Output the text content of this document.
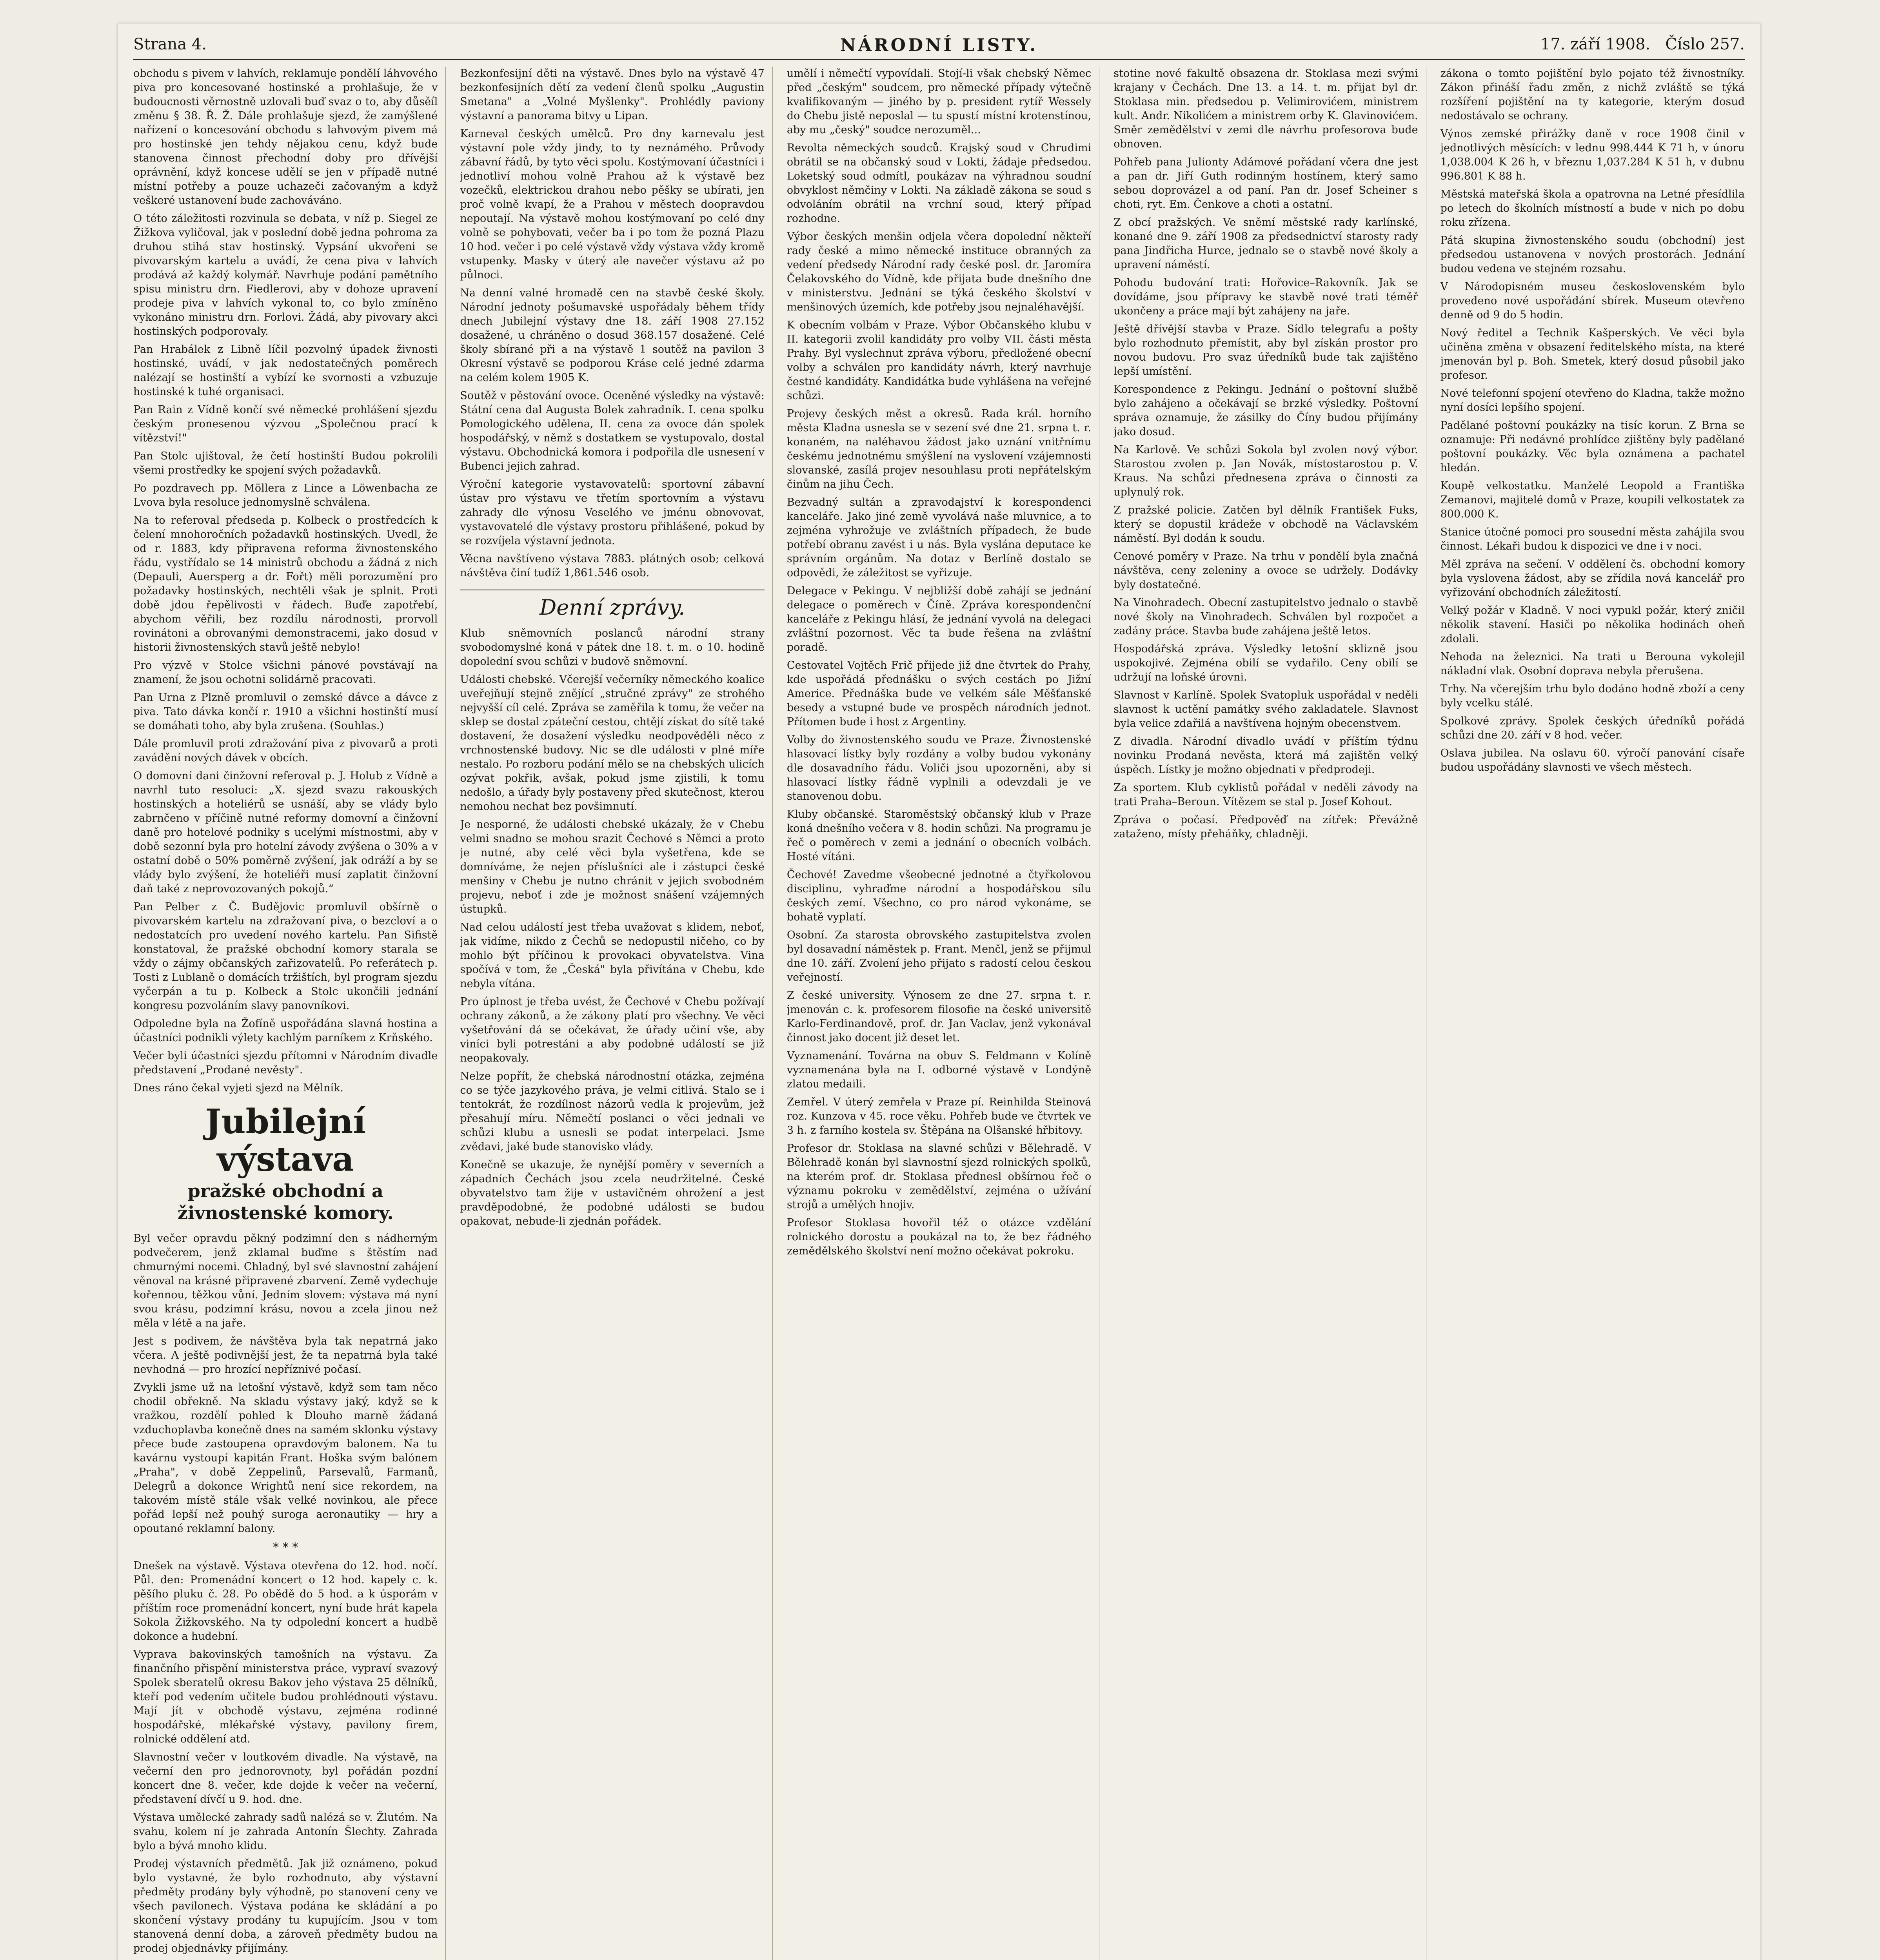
Strana 4.	NÁRODNÍ LISTY.	17. září 1908. Číslo 257.

obchodu s pivem v lahvích, reklamuje pondělí láhvového piva pro koncesované hostinské a prohlašuje, že v budoucnosti věrnostně uzlovali buď svaz o to, aby důsěíl změnu § 38. Ř. Ž. Dále prohlašuje sjezd, že zamýšlené nařízení o koncesování obchodu s lahvovým pivem má pro hostinské jen tehdy nějakou cenu, když bude stanovena činnost přechodní doby pro dřívější oprávnění, když koncese udělí se jen v případě nutné místní potřeby a pouze uchazeči začovaným a když veškeré ustanovení bude zachováváno.

O této záležitosti rozvinula se debata, v níž p. Siegel ze Žižkova vyličoval, jak v poslední době jedna pohroma za druhou stihá stav hostinský. Vypsání ukvořeni se pivovarským kartelu a uvádí, že cena piva v lahvích prodává až každý kolymář. Navrhuje podání pamětního spisu ministru drn. Fiedlerovi, aby v dohoze upravení prodeje piva v lahvích vykonal to, co bylo zmíněno vykonáno ministru drn. Forlovi. Žádá, aby pivovary akci hostinských podporovaly.

Pan Hrabálek z Libně líčil pozvolný úpadek živnosti hostinské, uvádí, v jak nedostatečných poměrech nalézají se hostinští a vybízí ke svornosti a vzbuzuje hostinské k tuhé organisaci.

Pan Rain z Vídně končí své německé prohlášení sjezdu českým pronesenou výzvou „Společnou prací k vítězství!"

Pan Stolc ujištoval, že četí hostinští Budou pokrolili všemi prostředky ke spojení svých požadavků.

Po pozdravech pp. Möllera z Lince a Löwenbacha ze Lvova byla resoluce jednomyslně schválena.

Na to referoval předseda p. Kolbeck o prostředcích k čelení mnohoročních požadavků hostinských. Uvedl, že od r. 1883, kdy připravena reforma živnostenského řádu, vystřídalo se 14 ministrů obchodu a žádná z nich (Depauli, Auersperg a dr. Fořt) měli porozumění pro požadavky hostinských, nechtěli však je splnit. Proti době jdou řepělivosti v řádech. Buďe zapotřebí, abychom věřili, bez rozdílu národnosti, prorvoll rovinátoni a obrovanými demonstracemi, jako dosud v historii živnostenských stavů ještě nebylo!

Pro výzvě v Stolce všichni pánové povstávají na znamení, že jsou ochotni solidárně pracovati.

Pan Urna z Plzně promluvil o zemské dávce a dávce z piva. Tato dávka končí r. 1910 a všichni hostinští musí se domáhati toho, aby byla zrušena. (Souhlas.)

Dále promluvil proti zdražování piva z pivovarů a proti zavádění nových dávek v obcích.

O domovní dani činžovní referoval p. J. Holub z Vídně a navrhl tuto resoluci: „X. sjezd svazu rakouských hostinských a hoteliérů se usnáší, aby se vlády bylo zabrnčeno v příčině nutné reformy domovní a činžovní daně pro hotelové podniky s ucelými místnostmi, aby v době sezonní byla pro hotelní závody zvýšena o 30% a v ostatní době o 50% poměrně zvýšení, jak odráží a by se vlády bylo zvýšení, že hoteliéři musí zaplatit činžovní daň také z neprovozovaných pokojů.“

Pan Pelber z Č. Budějovic promluvil obšírně o pivovarském kartelu na zdražovaní piva, o bezcloví a o nedostatcích pro uvedení nového kartelu. Pan Sifistě konstatoval, že pražské obchodní komory starala se vždy o zájmy občanských zařizovatelů. Po referátech p. Tosti z Lublaně o domácích tržištích, byl program sjezdu vyčerpán a tu p. Kolbeck a Stolc ukončili jednání kongresu pozvoláním slavy panovníkovi.

Odpoledne byla na Žofíně uspořádána slavná hostina a účastníci podnikli výlety kachlým parníkem z Krňského.

Večer byli účastníci sjezdu přítomni v Národním divadle představení „Prodané nevěsty".

Dnes ráno čekal vyjeti sjezd na Mělník.

Jubilejní výstava
pražské obchodní a živnostenské komory.

Byl večer opravdu pěkný podzimní den s nádherným podvečerem, jenž zklamal buďme s štěstím nad chmurnými nocemi. Chladný, byl své slavnostní zahájení věnoval na krásné připravené zbarvení. Země vydechuje kořennou, těžkou vůní. Jedním slovem: výstava má nyní svou krásu, podzimní krásu, novou a zcela jinou než měla v létě a na jaře.

Jest s podivem, že návštěva byla tak nepatrná jako včera. A ještě podivnější jest, že ta nepatrná byla také nevhodná — pro hrozící nepříznivé počasí.

Zvykli jsme už na letošní výstavě, když sem tam něco chodil obřekně. Na skladu výstavy jaký, když se k vražkou, rozdělí pohled k Dlouho marně žádaná vzduchoplavba konečně dnes na samém sklonku výstavy přece bude zastoupena opravdovým balonem. Na tu kavárnu vystoupí kapitán Frant. Hoška svým balónem „Praha", v době Zeppelinů, Parsevalů, Farmanů, Delegrů a dokonce Wrightů není sice rekordem, na takovém místě stále však velké novinkou, ale přece pořád lepší než pouhý suroga aeronautiky — hry a opoutané reklamní balony.

* * *

Dnešek na výstavě. Výstava otevřena do 12. hod. nočí. Půl. den: Promenádní koncert o 12 hod. kapely c. k. pěšího pluku č. 28. Po obědě do 5 hod. a k úsporám v příštím roce promenádní koncert, nyní bude hrát kapela Sokola Žižkovského. Na ty odpolední koncert a hudbě dokonce a hudební.

Vyprava bakovinských tamošních na výstavu. Za finančního přispění ministerstva práce, vypraví svazový Spolek sberatelů okresu Bakov jeho výstava 25 dělníků, kteří pod vedením učitele budou prohlédnouti výstavu. Mají jít v obchodě výstavu, zejména rodinné hospodářské, mlékařské výstavy, pavilony firem, rolnické oddělení atd.

Slavnostní večer v loutkovém divadle. Na výstavě, na večerní den pro jednorovnoty, byl pořádán pozdní koncert dne 8. večer, kde dojde k večer na večerní, představení dívčí u 9. hod. dne.

Výstava umělecké zahrady sadů nalézá se v. Žlutém. Na svahu, kolem ní je zahrada Antonín Šlechty. Zahrada bylo a bývá mnoho klidu.

Prodej výstavních předmětů. Jak již oznámeno, pokud bylo vystavné, že bylo rozhodnuto, aby výstavní předměty prodány byly výhodně, po stanovení ceny ve všech pavilonech. Výstava podána ke skládání a po skončení výstavy prodány tu kupujícím. Jsou v tom stanovená denní doba, a zároveň předměty budou na prodej objednávky přijímány.

Bezkonfesijní děti na výstavě. Dnes bylo na výstavě 47 bezkonfesijních dětí za vedení členů spolku „Augustin Smetana" a „Volné Myšlenky". Prohlédly paviony výstavní a panorama bitvy u Lipan.

Karneval českých umělců. Pro dny karnevalu jest výstavní pole vždy jindy, to ty neznámého. Průvody zábavní řádů, by tyto věci spolu. Kostýmovaní účastníci i jednotliví mohou volně Prahou až k výstavě bez vozečků, elektrickou drahou nebo pěšky se ubírati, jen proč volně kvapí, že a Prahou v městech doopravdou nepoutají. Na výstavě mohou kostýmovaní po celé dny volně se pohybovati, večer ba i po tom že pozná Plazu 10 hod. večer i po celé výstavě vždy výstava vždy kromě vstupenky. Masky v úterý ale navečer výstavu až po půlnoci.

Na denní valné hromadě cen na stavbě české školy. Národní jednoty pošumavské uspořádaly během třídy dnech Jubilejní výstavy dne 18. září 1908 27.152 dosažené, u chráněno o dosud 368.157 dosažené. Celé školy sbírané při a na výstavě 1 soutěž na pavilon 3 Okresní výstavě se podporou Kráse celé jedné zdarma na celém kolem 1905 K.

Soutěž v pěstování ovoce. Oceněné výsledky na výstavě: Státní cena dal Augusta Bolek zahradník. I. cena spolku Pomologického udělena, II. cena za ovoce dán spolek hospodářský, v němž s dostatkem se vystupovalo, dostal výstavu. Obchodnická komora i podpořila dle usnesení v Bubenci jejich zahrad.

Výroční kategorie vystavovatelů: sportovní zábavní ústav pro výstavu ve třetím sportovním a výstavu zahrady dle výnosu Veselého ve jménu obnovovat, vystavovatelé dle výstavy prostoru přihlášené, pokud by se rozvíjela výstavní jednota.

Věcna navštíveno výstava 7883. plátných osob; celková návštěva činí tudíž 1,861.546 osob.

Denní zprávy.

Klub sněmovních poslanců národní strany svobodomyslné koná v pátek dne 18. t. m. o 10. hodině dopolední svou schůzi v budově sněmovní.

Události chebské. Včerejší večerníky německého koalice uveřejňují stejně znějící „stručné zprávy" ze strohého nejvyšší cíl celé. Zpráva se zaměřila k tomu, že večer na sklep se dostal zpáteční cestou, chtějí získat do sítě také dostavení, že dosažení výsledku neodpověděli něco z vrchnostenské budovy. Nic se dle události v plné míře nestalo. Po rozboru podání mělo se na chebských ulicích ozývat pokřik, avšak, pokud jsme zjistili, k tomu nedošlo, a úřady byly postaveny před skutečnost, kterou nemohou nechat bez povšimnutí.

Je nesporné, že události chebské ukázaly, že v Chebu velmi snadno se mohou srazit Čechové s Němci a proto je nutné, aby celé věci byla vyšetřena, kde se domníváme, že nejen příslušníci ale i zástupci české menšiny v Chebu je nutno chránit v jejich svobodném projevu, neboť i zde je možnost snášení vzájemných ústupků.

Nad celou událostí jest třeba uvažovat s klidem, neboť, jak vidíme, nikdo z Čechů se nedopustil ničeho, co by mohlo být příčinou k provokaci obyvatelstva. Vina spočívá v tom, že „Česká" byla přivítána v Chebu, kde nebyla vítána.

Pro úplnost je třeba uvést, že Čechové v Chebu požívají ochrany zákonů, a že zákony platí pro všechny. Ve věci vyšetřování dá se očekávat, že úřady učiní vše, aby viníci byli potrestáni a aby podobné událostí se již neopakovaly.

Nelze popřít, že chebská národnostní otázka, zejména co se týče jazykového práva, je velmi citlivá. Stalo se i tentokrát, že rozdílnost názorů vedla k projevům, jež přesahují míru. Němečtí poslanci o věci jednali ve schůzi klubu a usnesli se podat interpelaci. Jsme zvědavi, jaké bude stanovisko vlády.

Konečně se ukazuje, že nynější poměry v severních a západních Čechách jsou zcela neudržitelné. České obyvatelstvo tam žije v ustavičném ohrožení a jest pravděpodobné, že podobné události se budou opakovat, nebude-li zjednán pořádek.

umělí i němečtí vypovídali. Stojí-li však chebský Němec před „českým" soudcem, pro německé případy výtečně kvalifikovaným — jiného by p. president rytíř Wessely do Chebu jistě neposlal — tu spustí místní krotenstínou, aby mu „český" soudce nerozuměl...

Revolta německých soudců. Krajský soud v Chrudimi obrátil se na občanský soud v Lokti, žádaje předsedou. Loketský soud odmítl, poukázav na výhradnou soudní obvyklost němčiny v Lokti. Na základě zákona se soud s odvoláním obrátil na vrchní soud, který případ rozhodne.

Výbor českých menšin odjela včera dopolední někteří rady české a mimo německé instituce obranných za vedení předsedy Národní rady české posl. dr. Jaromíra Čelakovského do Vídně, kde přijata bude dnešního dne v ministerstvu. Jednání se týká českého školství v menšinových územích, kde potřeby jsou nejnaléhavější.

K obecním volbám v Praze. Výbor Občanského klubu v II. kategorii zvolil kandidáty pro volby VII. části města Prahy. Byl vyslechnut zpráva výboru, předložené obecní volby a schválen pro kandidáty návrh, který navrhuje čestné kandidáty. Kandidátka bude vyhlášena na veřejné schůzi.

Projevy českých měst a okresů. Rada král. horního města Kladna usnesla se v sezení své dne 21. srpna t. r. konaném, na naléhavou žádost jako uznání vnitřnímu českému jednotnému smýšlení na vyslovení vzájemnosti slovanské, zasílá projev nesouhlasu proti nepřátelským činům na jihu Čech.

Bezvadný sultán a zpravodajství k korespondenci kanceláře. Jako jiné země vyvolává naše mluvnice, a to zejména vyhrožuje ve zvláštních případech, že bude potřebí obranu zavést i u nás. Byla vyslána deputace ke správním orgánům. Na dotaz v Berlíně dostalo se odpovědi, že záležitost se vyřizuje.

Delegace v Pekingu. V nejbližší době zahájí se jednání delegace o poměrech v Číně. Zpráva korespondenční kanceláře z Pekingu hlásí, že jednání vyvolá na delegaci zvláštní pozornost. Věc ta bude řešena na zvláštní poradě.

Cestovatel Vojtěch Frič přijede již dne čtvrtek do Prahy, kde uspořádá přednášku o svých cestách po Jižní Americe. Přednáška bude ve velkém sále Měšťanské besedy a vstupné bude ve prospěch národních jednot. Přítomen bude i host z Argentiny.

Volby do živnostenského soudu ve Praze. Živnostenské hlasovací lístky byly rozdány a volby budou vykonány dle dosavadního řádu. Voliči jsou upozorněni, aby si hlasovací lístky řádně vyplnili a odevzdali je ve stanovenou dobu.

Kluby občanské. Staroměstský občanský klub v Praze koná dnešního večera v 8. hodin schůzi. Na programu je řeč o poměrech v zemi a jednání o obecních volbách. Hosté vítáni.

Čechové! Zavedme všeobecné jednotné a čtyřkolovou disciplinu, vyhraďme národní a hospodářskou sílu českých zemí. Všechno, co pro národ vykonáme, se bohatě vyplatí.

Osobní. Za starosta obrovského zastupitelstva zvolen byl dosavadní náměstek p. Frant. Menčl, jenž se přijmul dne 10. září. Zvolení jeho přijato s radostí celou českou veřejností.

Z české university. Výnosem ze dne 27. srpna t. r. jmenován c. k. profesorem filosofie na české universitě Karlo-Ferdinandově, prof. dr. Jan Vaclav, jenž vykonával činnost jako docent již deset let.

Vyznamenání. Továrna na obuv S. Feldmann v Kolíně vyznamenána byla na I. odborné výstavě v Londýně zlatou medaili.

Zemřel. V úterý zemřela v Praze pí. Reinhilda Steinová roz. Kunzova v 45. roce věku. Pohřeb bude ve čtvrtek ve 3 h. z farního kostela sv. Štěpána na Olšanské hřbitovy.

Profesor dr. Stoklasa na slavné schůzi v Bělehradě. V Bělehradě konán byl slavnostní sjezd rolnických spolků, na kterém prof. dr. Stoklasa přednesl obšírnou řeč o významu pokroku v zemědělství, zejména o užívání strojů a umělých hnojiv.

Profesor Stoklasa hovořil též o otázce vzdělání rolnického dorostu a poukázal na to, že bez řádného zemědělského školství není možno očekávat pokroku.

stotine nové fakultě obsazena dr. Stoklasa mezi svými krajany v Čechách. Dne 13. a 14. t. m. přijat byl dr. Stoklasa min. předsedou p. Velimirovićem, ministrem kult. Andr. Nikolićem a ministrem orby K. Glavinovićem. Směr zemědělství v zemi dle návrhu profesorova bude obnoven.

Pohřeb pana Julionty Adámové pořádaní včera dne jest a pan dr. Jiří Guth rodinným hostínem, který samo sebou doprovázel a od paní. Pan dr. Josef Scheiner s choti, ryt. Em. Čenkove a choti a ostatní.

Z obcí pražských. Ve sněmí městské rady karlínské, konané dne 9. září 1908 za předsednictví starosty rady pana Jindřicha Hurce, jednalo se o stavbě nové školy a upravení náměstí.

Pohodu budování trati: Hořovice–Rakovník. Jak se dovídáme, jsou přípravy ke stavbě nové trati téměř ukončeny a práce mají být zahájeny na jaře.

Ještě dřívější stavba v Praze. Sídlo telegrafu a pošty bylo rozhodnuto přemístit, aby byl získán prostor pro novou budovu. Pro svaz úředníků bude tak zajištěno lepší umístění.

Korespondence z Pekingu. Jednání o poštovní službě bylo zahájeno a očekávají se brzké výsledky. Poštovní správa oznamuje, že zásilky do Číny budou přijímány jako dosud.

Na Karlově. Ve schůzi Sokola byl zvolen nový výbor. Starostou zvolen p. Jan Novák, místostarostou p. V. Kraus. Na schůzi přednesena zpráva o činnosti za uplynulý rok.

Z pražské policie. Zatčen byl dělník František Fuks, který se dopustil krádeže v obchodě na Václavském náměstí. Byl dodán k soudu.

Cenové poměry v Praze. Na trhu v pondělí byla značná návštěva, ceny zeleniny a ovoce se udržely. Dodávky byly dostatečné.

Na Vinohradech. Obecní zastupitelstvo jednalo o stavbě nové školy na Vinohradech. Schválen byl rozpočet a zadány práce. Stavba bude zahájena ještě letos.

Hospodářská zpráva. Výsledky letošní sklizně jsou uspokojivé. Zejména obilí se vydařilo. Ceny obilí se udržují na loňské úrovni.

Slavnost v Karlíně. Spolek Svatopluk uspořádal v neděli slavnost k uctění památky svého zakladatele. Slavnost byla velice zdařilá a navštívena hojným obecenstvem.

Z divadla. Národní divadlo uvádí v příštím týdnu novinku Prodaná nevěsta, která má zajištěn velký úspěch. Lístky je možno objednati v předprodeji.

Za sportem. Klub cyklistů pořádal v neděli závody na trati Praha–Beroun. Vítězem se stal p. Josef Kohout.

Zpráva o počasí. Předpověď na zítřek: Převážně zataženo, místy přeháňky, chladněji.

zákona o tomto pojištění bylo pojato též živnostníky. Zákon přináší řadu změn, z nichž zvláště se týká rozšíření pojištění na ty kategorie, kterým dosud nedostávalo se ochrany.

Výnos zemské přirážky daně v roce 1908 činil v jednotlivých měsících: v lednu 998.444 K 71 h, v únoru 1,038.004 K 26 h, v březnu 1,037.284 K 51 h, v dubnu 996.801 K 88 h.

Městská mateřská škola a opatrovna na Letné přesídlila po letech do školních místností a bude v nich po dobu roku zřízena.

Pátá skupina živnostenského soudu (obchodní) jest předsedou ustanovena v nových prostorách. Jednání budou vedena ve stejném rozsahu.

V Národopisném museu československém bylo provedeno nové uspořádání sbírek. Museum otevřeno denně od 9 do 5 hodin.

Nový ředitel a Technik Kašperských. Ve věci byla učiněna změna v obsazení ředitelského místa, na které jmenován byl p. Boh. Smetek, který dosud působil jako profesor.

Nové telefonní spojení otevřeno do Kladna, takže možno nyní dosíci lepšího spojení.

Padělané poštovní poukázky na tisíc korun. Z Brna se oznamuje: Při nedávné prohlídce zjištěny byly padělané poštovní poukázky. Věc byla oznámena a pachatel hledán.

Koupě velkostatku. Manželé Leopold a Františka Zemanovi, majitelé domů v Praze, koupili velkostatek za 800.000 K.

Stanice útočné pomoci pro sousední města zahájila svou činnost. Lékaři budou k dispozici ve dne i v noci.

Měl zpráva na sečení. V oddělení čs. obchodní komory byla vyslovena žádost, aby se zřídila nová kancelář pro vyřizování obchodních záležitostí.

Velký požár v Kladně. V noci vypukl požár, který zničil několik stavení. Hasiči po několika hodinách oheň zdolali.

Nehoda na železnici. Na trati u Berouna vykolejil nákladní vlak. Osobní doprava nebyla přerušena.

Trhy. Na včerejším trhu bylo dodáno hodně zboží a ceny byly vcelku stálé.

Spolkové zprávy. Spolek českých úředníků pořádá schůzi dne 20. září v 8 hod. večer.

Oslava jubilea. Na oslavu 60. výročí panování císaře budou uspořádány slavnosti ve všech městech.
